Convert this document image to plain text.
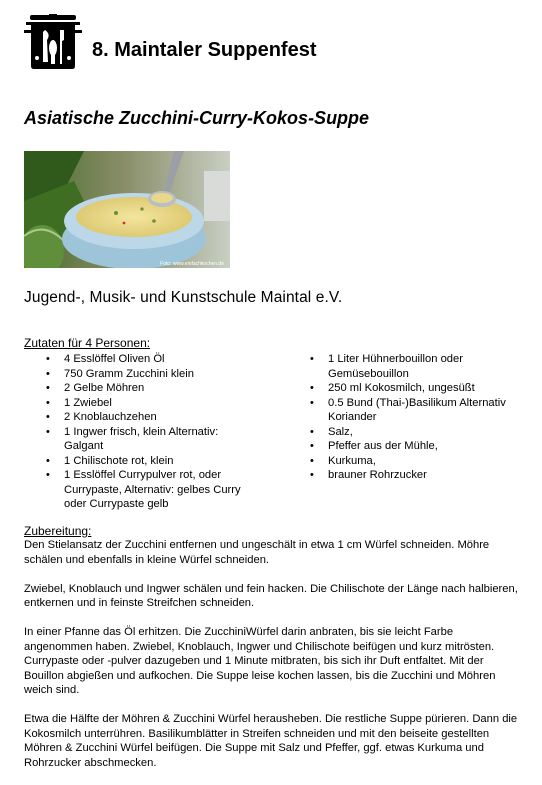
8. Maintaler Suppenfest
Asiatische Zucchini-Curry-Kokos-Suppe
Foto: www.einfachkochen.de
Jugend-, Musik- und Kunstschule Maintal e.V.
Zutaten für 4 Personen:
• 4 Esslöffel Oliven Öl
• 750 Gramm Zucchini klein
• 2 Gelbe Möhren
• 1 Zwiebel
• 2 Knoblauchzehen
• 1 Ingwer frisch, klein Alternativ: Galgant
• 1 Chilischote rot, klein
• 1 Esslöffel Currypulver rot, oder Currypaste, Alternativ: gelbes Curry oder Currypaste gelb
• 1 Liter Hühnerbouillon oder Gemüsebouillon
• 250 ml Kokosmilch, ungesüßt
• 0.5 Bund (Thai-)Basilikum Alternativ Koriander
• Salz,
• Pfeffer aus der Mühle,
• Kurkuma,
• brauner Rohrzucker
Zubereitung:

Den Stielansatz der Zucchini entfernen und ungeschält in etwa 1 cm Würfel schneiden. Möhre schälen und ebenfalls in kleine Würfel schneiden.

Zwiebel, Knoblauch und Ingwer schälen und fein hacken. Die Chilischote der Länge nach halbieren, entkernen und in feinste Streifchen schneiden.

In einer Pfanne das Öl erhitzen. Die ZucchiniWürfel darin anbraten, bis sie leicht Farbe angenommen haben. Zwiebel, Knoblauch, Ingwer und Chilischote beifügen und kurz mitrösten. Currypaste oder -pulver dazugeben und 1 Minute mitbraten, bis sich ihr Duft entfaltet. Mit der Bouillon abgießen und aufkochen. Die Suppe leise kochen lassen, bis die Zucchini und Möhren weich sind.

Etwa die Hälfte der Möhren & Zucchini Würfel herausheben. Die restliche Suppe pürieren. Dann die Kokosmilch unterrühren. Basilikumblätter in Streifen schneiden und mit den beiseite gestellten Möhren & Zucchini Würfel beifügen. Die Suppe mit Salz und Pfeffer, ggf. etwas Kurkuma und Rohrzucker abschmecken.
